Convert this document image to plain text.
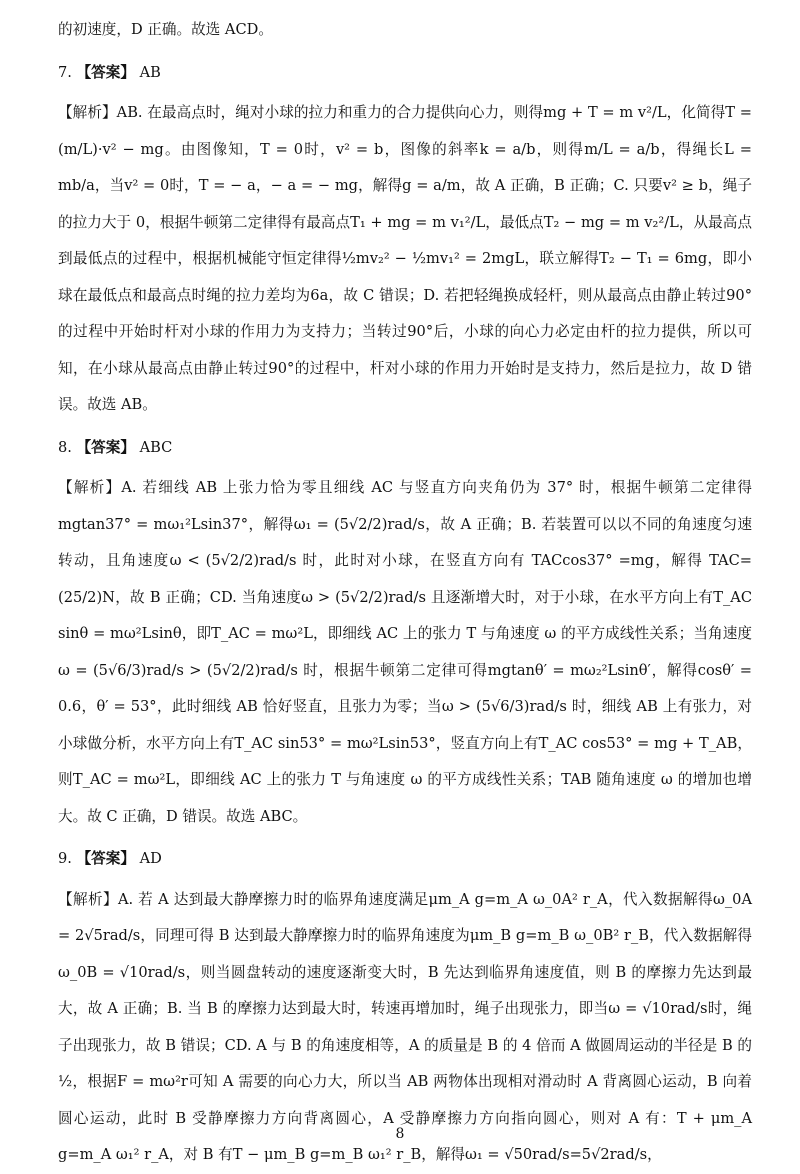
的初速度，D 正确。故选 ACD。

7. 【答案】 AB

【解析】AB. 在最高点时，绳对小球的拉力和重力的合力提供向心力，则得mg + T = m v²/L，化简得T = (m/L)·v² − mg。由图像知，T = 0时，v² = b，图像的斜率k = a/b，则得m/L = a/b，得绳长L = mb/a，当v² = 0时，T = − a，− a = − mg，解得g = a/m，故 A 正确，B 正确；C. 只要v² ≥ b，绳子的拉力大于 0，根据牛顿第二定律得有最高点T₁ + mg = m v₁²/L，最低点T₂ − mg = m v₂²/L，从最高点到最低点的过程中，根据机械能守恒定律得½mv₂² − ½mv₁² = 2mgL，联立解得T₂ − T₁ = 6mg，即小球在最低点和最高点时绳的拉力差均为6a，故 C 错误；D. 若把轻绳换成轻杆，则从最高点由静止转过90°的过程中开始时杆对小球的作用力为支持力；当转过90°后，小球的向心力必定由杆的拉力提供，所以可知，在小球从最高点由静止转过90°的过程中，杆对小球的作用力开始时是支持力，然后是拉力，故 D 错误。故选 AB。

8. 【答案】 ABC

【解析】A. 若细线 AB 上张力恰为零且细线 AC 与竖直方向夹角仍为 37° 时，根据牛顿第二定律得mgtan37° = mω₁²Lsin37°，解得ω₁ = (5√2/2)rad/s，故 A 正确；B. 若装置可以以不同的角速度匀速转动，且角速度ω < (5√2/2)rad/s 时，此时对小球，在竖直方向有 TACcos37° =mg，解得 TAC=(25/2)N，故 B 正确；CD. 当角速度ω > (5√2/2)rad/s 且逐渐增大时，对于小球，在水平方向上有T_AC sinθ = mω²Lsinθ，即T_AC = mω²L，即细线 AC 上的张力 T 与角速度 ω 的平方成线性关系；当角速度ω = (5√6/3)rad/s > (5√2/2)rad/s 时，根据牛顿第二定律可得mgtanθ′ = mω₂²Lsinθ′，解得cosθ′ = 0.6，θ′ = 53°，此时细线 AB 恰好竖直，且张力为零；当ω > (5√6/3)rad/s 时，细线 AB 上有张力，对小球做分析，水平方向上有T_AC sin53° = mω²Lsin53°，竖直方向上有T_AC cos53° = mg + T_AB，则T_AC = mω²L，即细线 AC 上的张力 T 与角速度 ω 的平方成线性关系；TAB 随角速度 ω 的增加也增大。故 C 正确，D 错误。故选 ABC。

9. 【答案】 AD

【解析】A. 若 A 达到最大静摩擦力时的临界角速度满足μm_A g=m_A ω_0A² r_A，代入数据解得ω_0A = 2√5rad/s，同理可得 B 达到最大静摩擦力时的临界角速度为μm_B g=m_B ω_0B² r_B，代入数据解得ω_0B = √10rad/s，则当圆盘转动的速度逐渐变大时，B 先达到临界角速度值，则 B 的摩擦力先达到最大，故 A 正确；B. 当 B 的摩擦力达到最大时，转速再增加时，绳子出现张力，即当ω = √10rad/s时，绳子出现张力，故 B 错误；CD. A 与 B 的角速度相等，A 的质量是 B 的 4 倍而 A 做圆周运动的半径是 B 的½，根据F = mω²r可知 A 需要的向心力大，所以当 AB 两物体出现相对滑动时 A 背离圆心运动，B 向着圆心运动，此时 B 受静摩擦力方向背离圆心，A 受静摩擦力方向指向圆心，则对 A 有：T + μm_A g=m_A ω₁² r_A，对 B 有T − μm_B g=m_B ω₁² r_B，解得ω₁ = √50rad/s=5√2rad/s，

8
